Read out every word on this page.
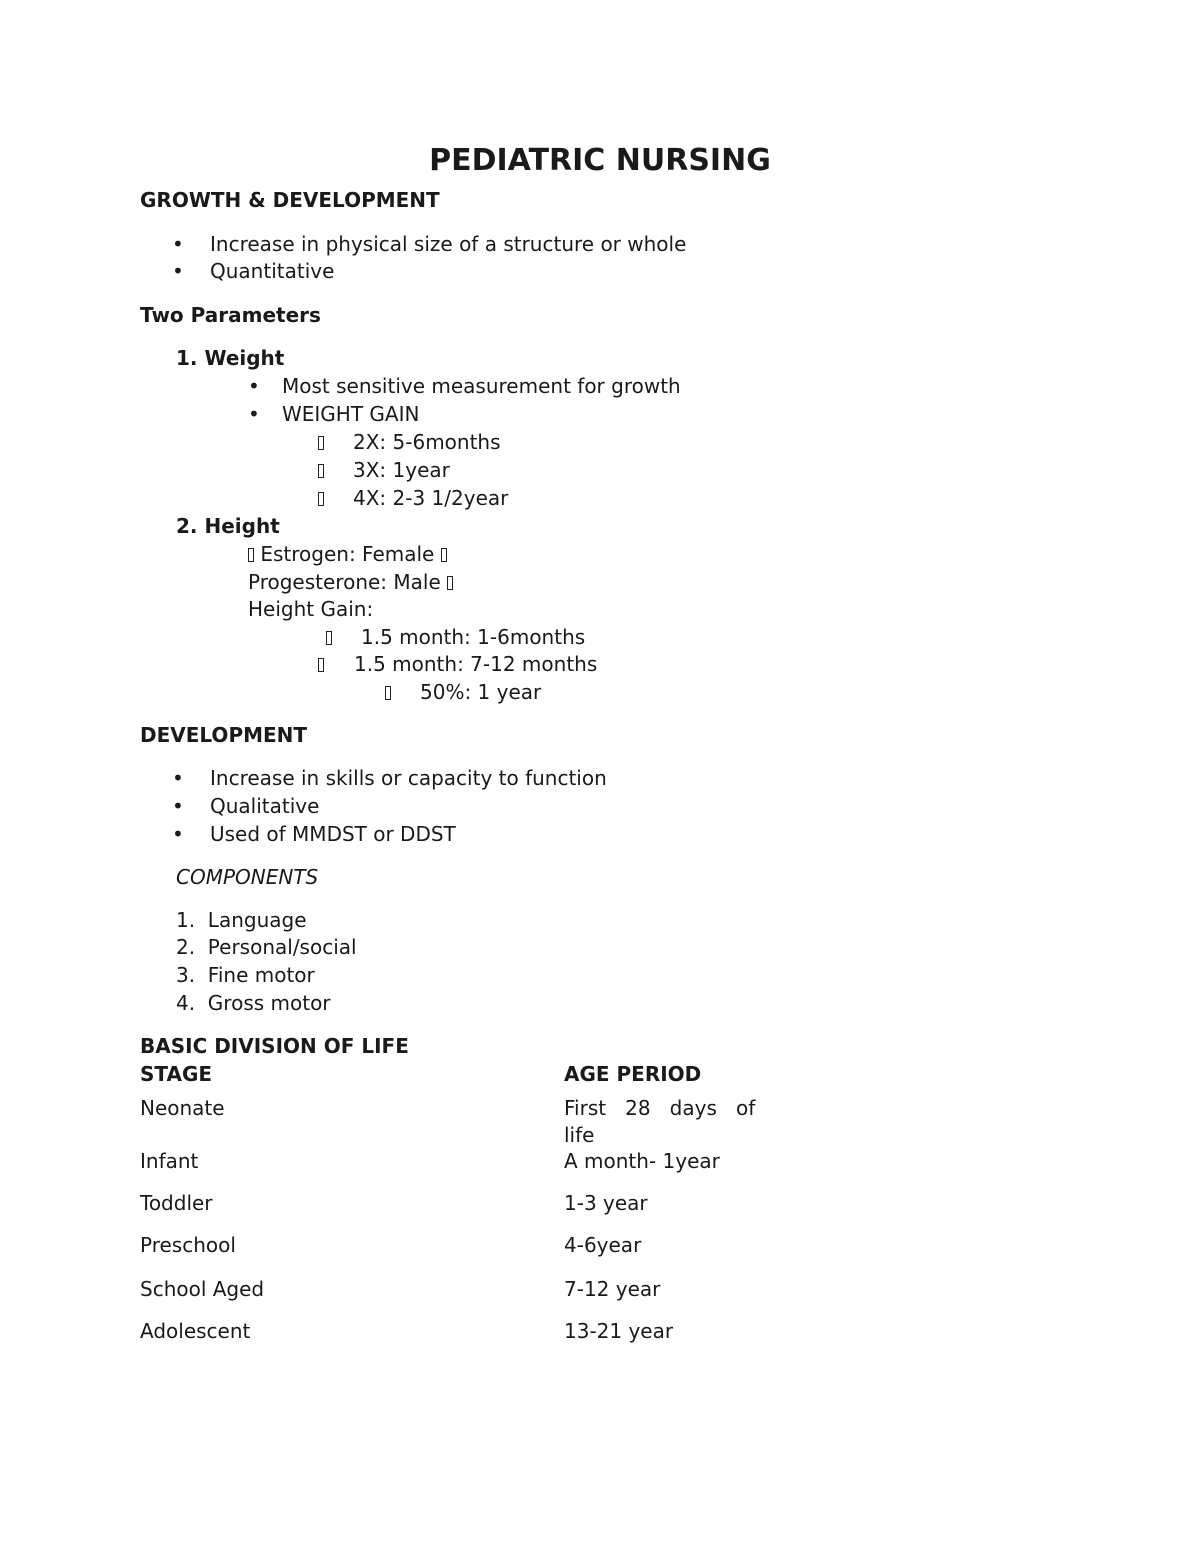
PEDIATRIC NURSING
GROWTH & DEVELOPMENT
• Increase in physical size of a structure or whole
• Quantitative
Two Parameters
1. Weight
• Most sensitive measurement for growth
• WEIGHT GAIN
2X: 5-6months
3X: 1year
4X: 2-3 1/2year
2. Height
Estrogen: Female
Progesterone: Male
Height Gain:
1.5 month: 1-6months
1.5 month: 7-12 months
50%: 1 year
DEVELOPMENT
• Increase in skills or capacity to function
• Qualitative
• Used of MMDST or DDST
COMPONENTS
1.  Language
2.  Personal/social
3.  Fine motor
4.  Gross motor
BASIC DIVISION OF LIFE
STAGE	AGE PERIOD
Neonate	First   28   days   of
life
Infant	A month- 1year
Toddler	1-3 year
Preschool	4-6year
School Aged	7-12 year
Adolescent	13-21 year
